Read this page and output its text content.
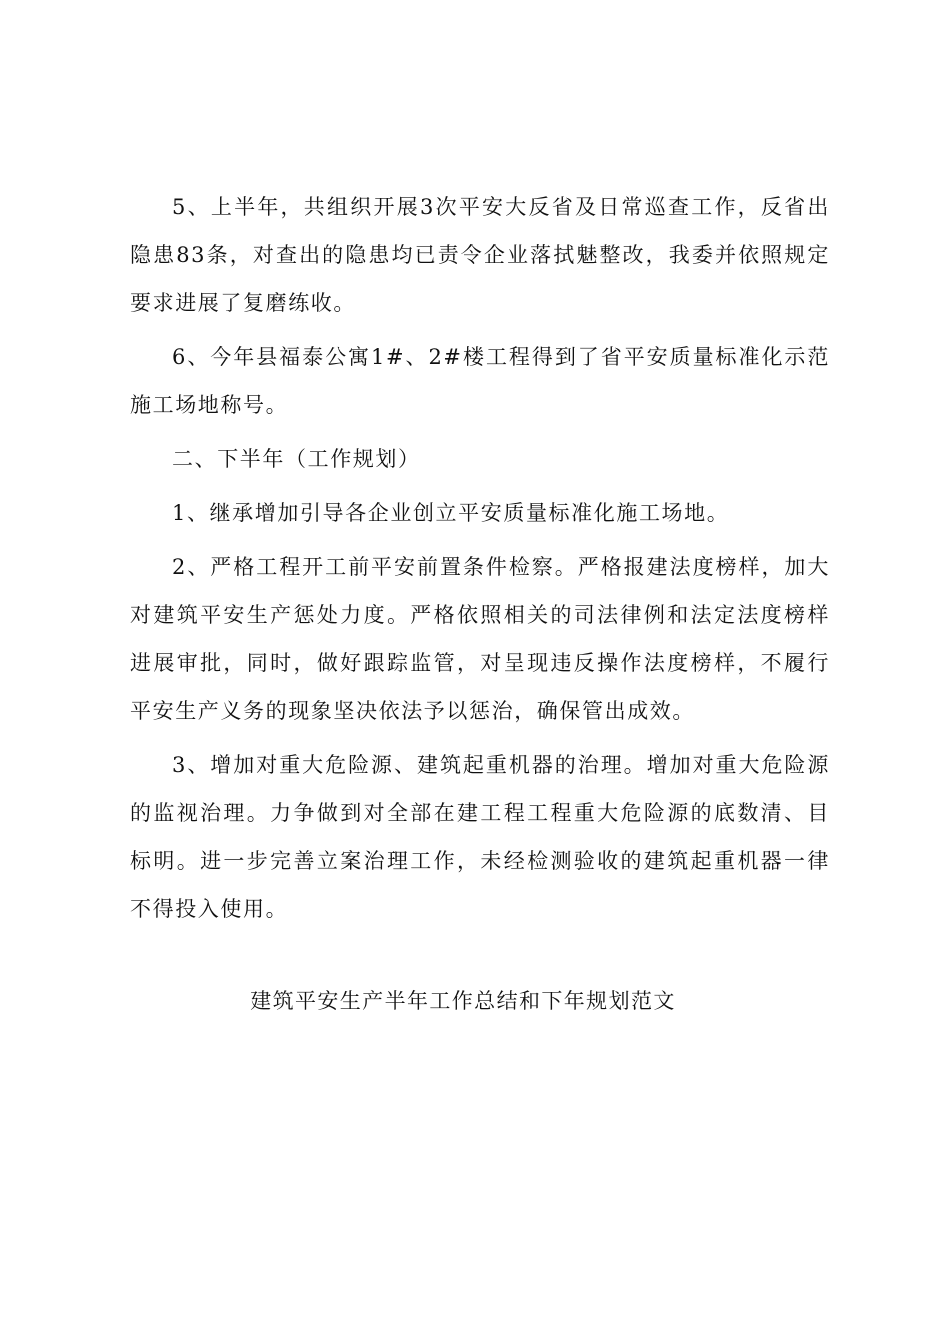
5、上半年，共组织开展3次平安大反省及日常巡查工作，反省出隐患83条，对查出的隐患均已责令企业落拭魅整改，我委并依照规定要求进展了复磨练收。

6、今年县福泰公寓1#、2#楼工程得到了省平安质量标准化示范施工场地称号。

二、下半年（工作规划）

1、继承增加引导各企业创立平安质量标准化施工场地。

2、严格工程开工前平安前置条件检察。严格报建法度榜样，加大对建筑平安生产惩处力度。严格依照相关的司法律例和法定法度榜样进展审批，同时，做好跟踪监管，对呈现违反操作法度榜样，不履行平安生产义务的现象坚决依法予以惩治，确保管出成效。

3、增加对重大危险源、建筑起重机器的治理。增加对重大危险源的监视治理。力争做到对全部在建工程工程重大危险源的底数清、目标明。进一步完善立案治理工作，未经检测验收的建筑起重机器一律不得投入使用。

建筑平安生产半年工作总结和下年规划范文
